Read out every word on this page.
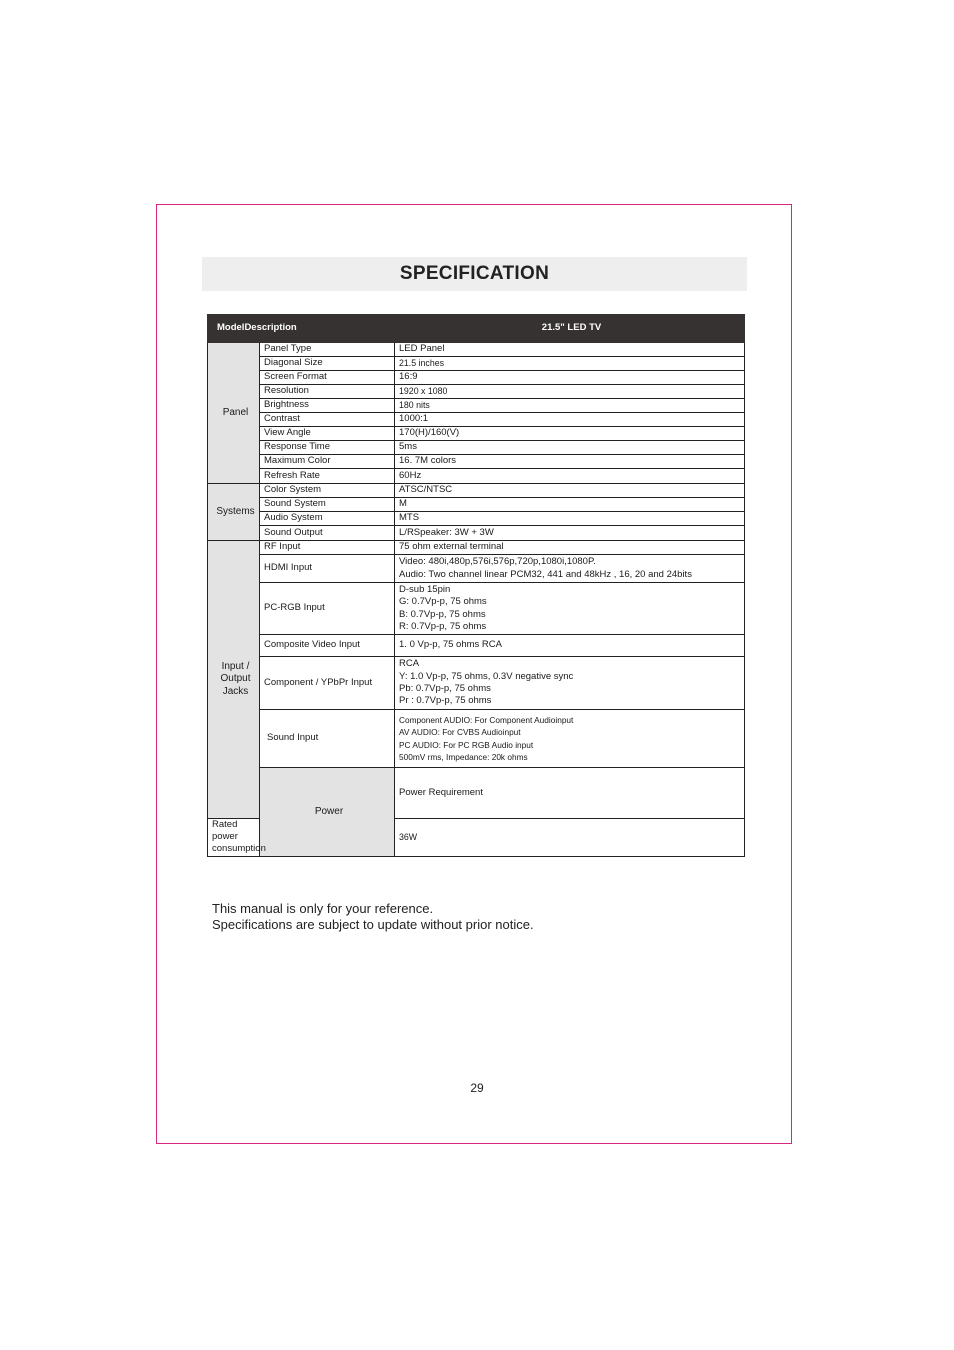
SPECIFICATION
ModelDescription		21.5" LED TV	
Panel	Panel Type	LED Panel	
	Diagonal Size	21.5 inches	
	Screen Format	16:9	
	Resolution	1920 x 1080	
	Brightness	180 nits	
	Contrast	1000:1	
	View Angle	170(H)/160(V)	
	Response Time	5ms	
	Maximum Color	16. 7M colors	
	Refresh Rate	60Hz	
Systems	Color System	ATSC/NTSC	
	Sound System	M	
	Audio System	MTS	
	Sound Output	L/RSpeaker: 3W + 3W	

Input /
Output
Jacks	RF Input	75 ohm external terminal	
	HDMI Input	Video: 480i,480p,576i,576p,720p,1080i,1080P.
Audio: Two channel linear PCM32, 441 and 48kHz , 16, 20 and 24bits	

	PC-RGB Input	D-sub 15pin
G: 0.7Vp-p, 75 ohms
B: 0.7Vp-p, 75 ohms
R: 0.7Vp-p, 75 ohms	

	Composite Video Input	1. 0 Vp-p, 75 ohms RCA	
	Component / YPbPr Input	RCA
Y: 1.0 Vp-p, 75 ohms, 0.3V negative sync
Pb: 0.7Vp-p, 75 ohms
Pr : 0.7Vp-p, 75 ohms	

	Sound Input	Component AUDIO: For Component Audioinput
AV AUDIO: For CVBS Audioinput
PC AUDIO: For PC RGB Audio input
500mV rms, Impedance: 20k ohms	

	Power	Power Requirement	
Rated power consumption		36W	
This manual is only for your reference.
Specifications are subject to update without prior notice.
29
